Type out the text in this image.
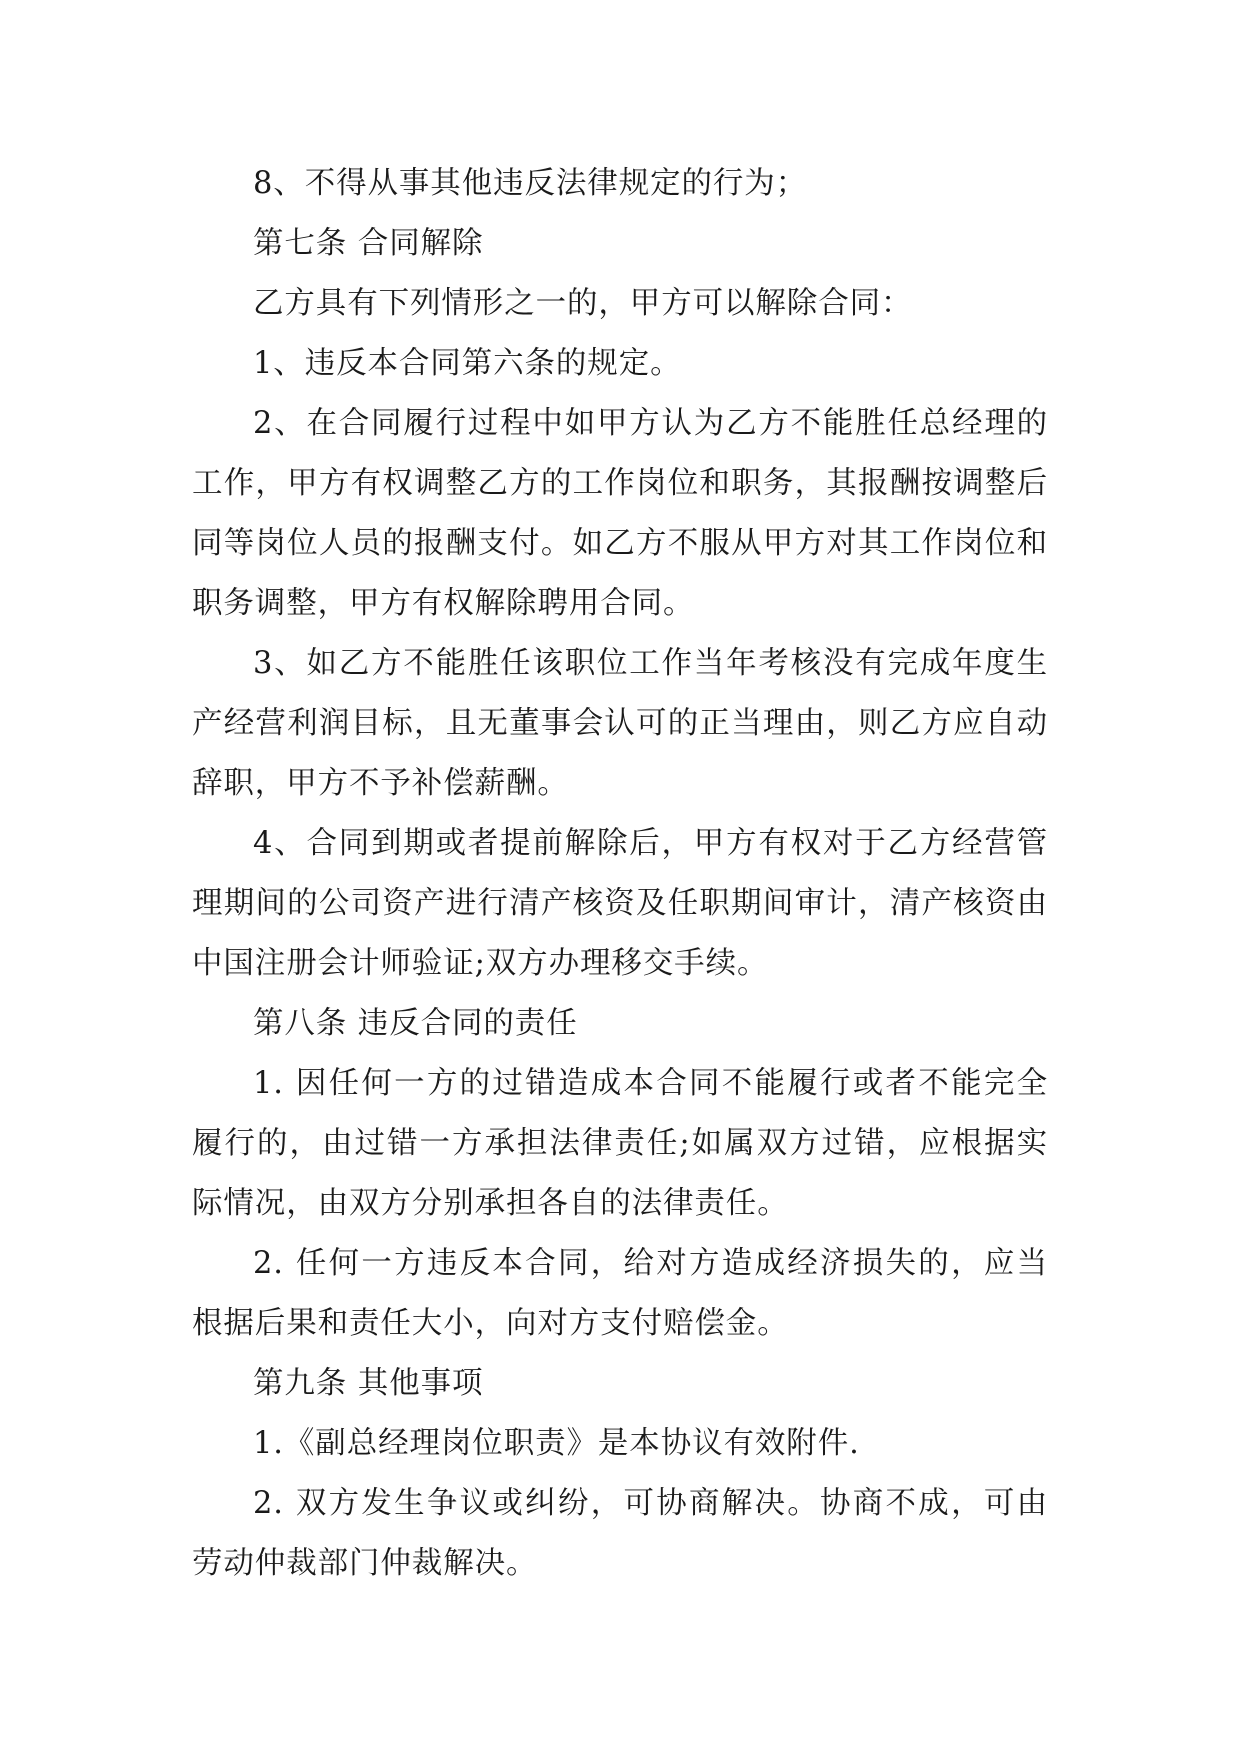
8、不得从事其他违反法律规定的行为；

第七条 合同解除

乙方具有下列情形之一的，甲方可以解除合同：

1、违反本合同第六条的规定。

2、在合同履行过程中如甲方认为乙方不能胜任总经理的工作，甲方有权调整乙方的工作岗位和职务，其报酬按调整后同等岗位人员的报酬支付。如乙方不服从甲方对其工作岗位和职务调整，甲方有权解除聘用合同。

3、如乙方不能胜任该职位工作当年考核没有完成年度生产经营利润目标，且无董事会认可的正当理由，则乙方应自动辞职，甲方不予补偿薪酬。

4、合同到期或者提前解除后，甲方有权对于乙方经营管理期间的公司资产进行清产核资及任职期间审计，清产核资由中国注册会计师验证;双方办理移交手续。

第八条 违反合同的责任

1. 因任何一方的过错造成本合同不能履行或者不能完全履行的，由过错一方承担法律责任;如属双方过错，应根据实际情况，由双方分别承担各自的法律责任。

2. 任何一方违反本合同，给对方造成经济损失的，应当根据后果和责任大小，向对方支付赔偿金。

第九条 其他事项

1.《副总经理岗位职责》是本协议有效附件.

2. 双方发生争议或纠纷，可协商解决。协商不成，可由劳动仲裁部门仲裁解决。
